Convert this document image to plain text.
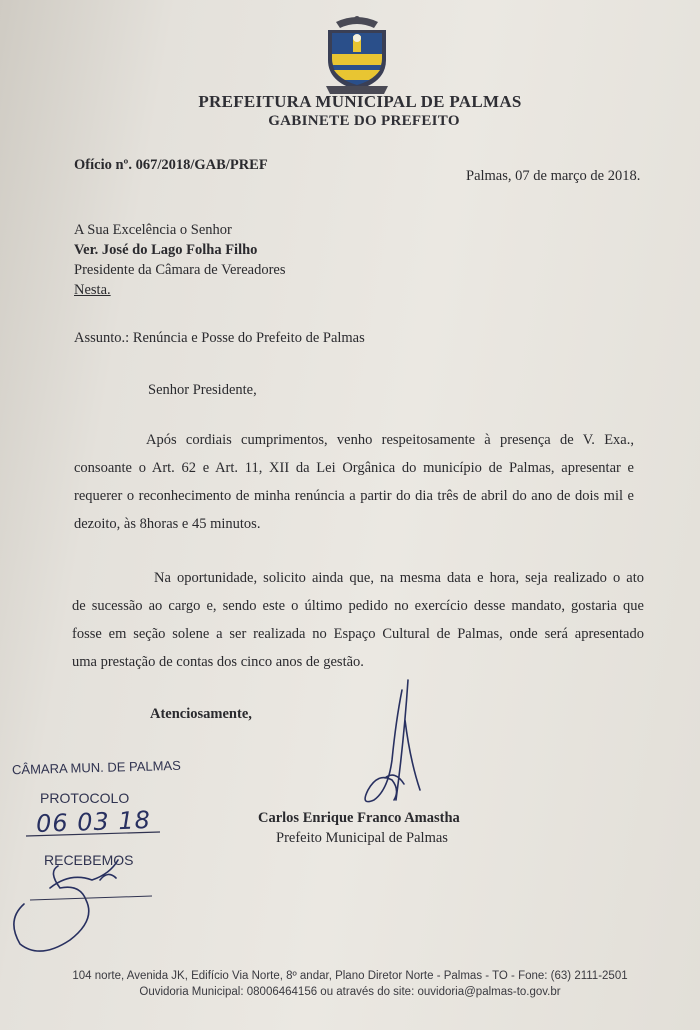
PREFEITURA MUNICIPAL DE PALMAS
GABINETE DO PREFEITO
Ofício nº. 067/2018/GAB/PREF
Palmas, 07 de março de 2018.
A Sua Excelência o Senhor
Ver. José do Lago Folha Filho
Presidente da Câmara de Vereadores
Nesta.
Assunto.: Renúncia e Posse do Prefeito de Palmas
Senhor Presidente,
Após cordiais cumprimentos, venho respeitosamente à presença de V. Exa.,
consoante o Art. 62 e Art. 11, XII da Lei Orgânica do município de Palmas, apresentar e
requerer o reconhecimento de minha renúncia a partir do dia três de abril do ano de dois mil e
dezoito, às 8horas e 45 minutos.
Na oportunidade, solicito ainda que, na mesma data e hora, seja realizado o ato
de sucessão ao cargo e, sendo este o último pedido no exercício desse mandato, gostaria que
fosse em seção solene a ser realizada no Espaço Cultural de Palmas, onde será apresentado
uma prestação de contas dos cinco anos de gestão.
Atenciosamente,
CÂMARA MUN. DE PALMAS
PROTOCOLO
06 03 18
RECEBEMOS
Carlos Enrique Franco Amastha
Prefeito Municipal de Palmas
104 norte, Avenida JK, Edifício Via Norte, 8º andar, Plano Diretor Norte - Palmas - TO - Fone: (63) 2111-2501
Ouvidoria Municipal: 08006464156 ou através do site: ouvidoria@palmas-to.gov.br
